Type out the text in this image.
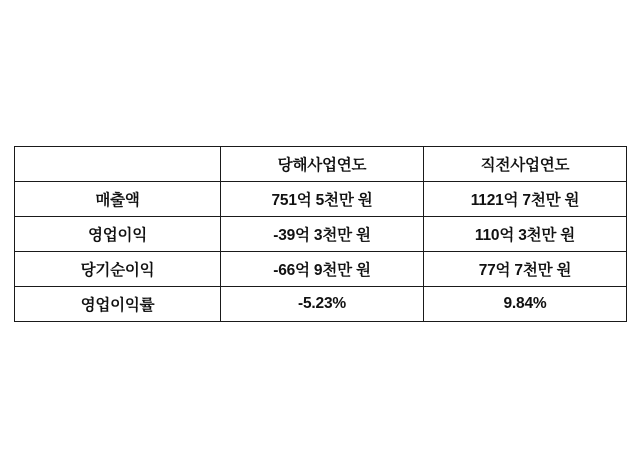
	당해사업연도	직전사업연도
매출액	751억 5천만 원	1121억 7천만 원
영업이익	-39억 3천만 원	110억 3천만 원
당기순이익	-66억 9천만 원	77억 7천만 원
영업이익률	-5.23%	9.84%
